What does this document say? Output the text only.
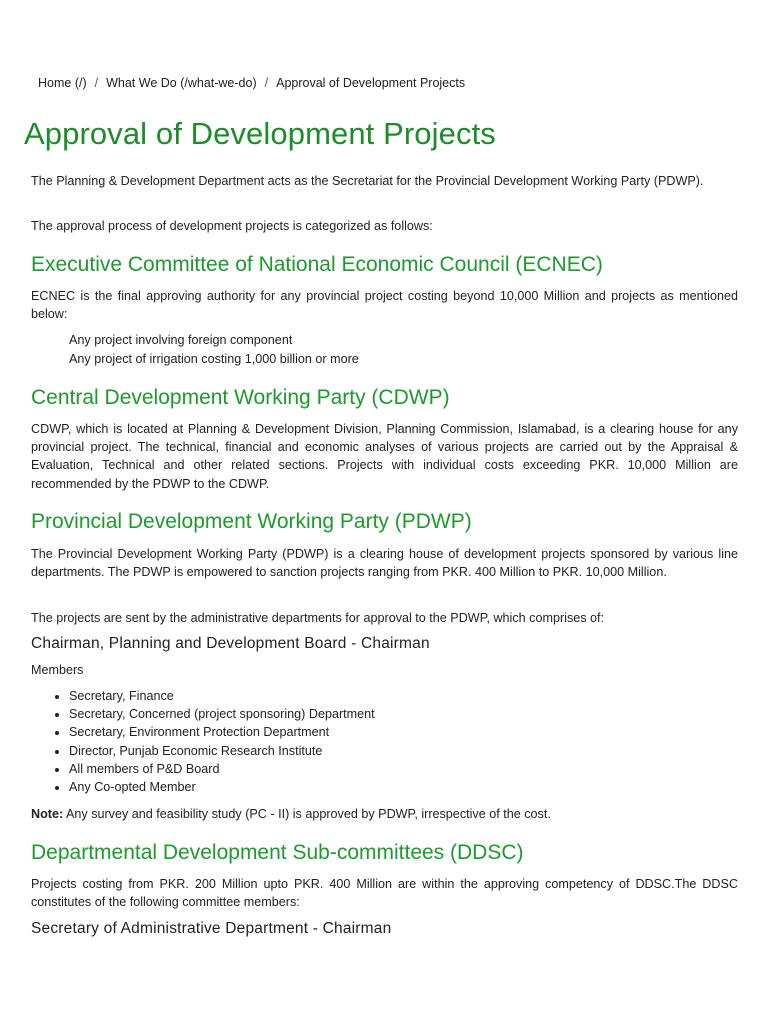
Home (/) / What We Do (/what-we-do) / Approval of Development Projects
Approval of Development Projects

The Planning & Development Department acts as the Secretariat for the Provincial Development Working Party (PDWP).

The approval process of development projects is categorized as follows:

Executive Committee of National Economic Council (ECNEC)

ECNEC is the final approving authority for any provincial project costing beyond 10,000 Million and projects as mentioned below:

Any project involving foreign component
Any project of irrigation costing 1,000 billion or more
Central Development Working Party (CDWP)

CDWP, which is located at Planning & Development Division, Planning Commission, Islamabad, is a clearing house for any provincial project. The technical, financial and economic analyses of various projects are carried out by the Appraisal & Evaluation, Technical and other related sections. Projects with individual costs exceeding PKR. 10,000 Million are recommended by the PDWP to the CDWP.

Provincial Development Working Party (PDWP)

The Provincial Development Working Party (PDWP) is a clearing house of development projects sponsored by various line departments. The PDWP is empowered to sanction projects ranging from PKR. 400 Million to PKR. 10,000 Million.

The projects are sent by the administrative departments for approval to the PDWP, which comprises of:

Chairman, Planning and Development Board - Chairman

Members

• Secretary, Finance
• Secretary, Concerned (project sponsoring) Department
• Secretary, Environment Protection Department
• Director, Punjab Economic Research Institute
• All members of P&D Board
• Any Co-opted Member

Note: Any survey and feasibility study (PC - II) is approved by PDWP, irrespective of the cost.

Departmental Development Sub-committees (DDSC)

Projects costing from PKR. 200 Million upto PKR. 400 Million are within the approving competency of DDSC.The DDSC constitutes of the following committee members:

Secretary of Administrative Department - Chairman
